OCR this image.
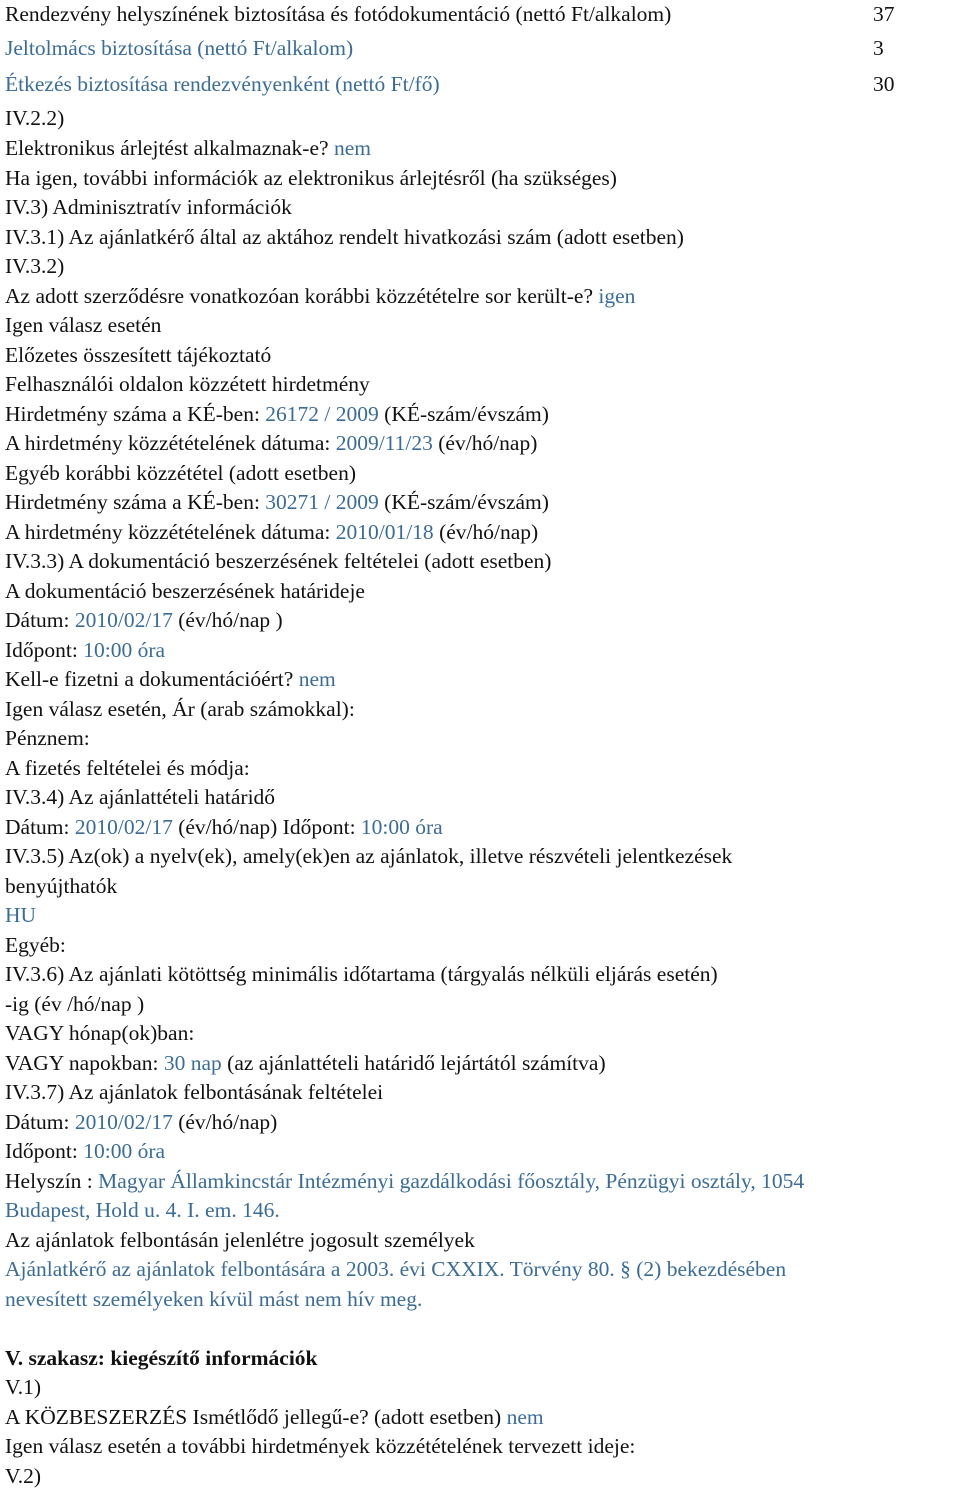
Rendezvény helyszínének biztosítása és fotódokumentáció (nettó Ft/alkalom)	37
Jeltolmács biztosítása (nettó Ft/alkalom)	3
Étkezés biztosítása rendezvényenként (nettó Ft/fő)	30
IV.2.2)
Elektronikus árlejtést alkalmaznak-e? nem
Ha igen, további információk az elektronikus árlejtésről (ha szükséges)
IV.3) Adminisztratív információk
IV.3.1) Az ajánlatkérő által az aktához rendelt hivatkozási szám (adott esetben)
IV.3.2)
Az adott szerződésre vonatkozóan korábbi közzétételre sor került-e? igen
Igen válasz esetén
Előzetes összesített tájékoztató
Felhasználói oldalon közzétett hirdetmény
Hirdetmény száma a KÉ-ben: 26172 / 2009 (KÉ-szám/évszám)
A hirdetmény közzétételének dátuma: 2009/11/23 (év/hó/nap)
Egyéb korábbi közzététel (adott esetben)
Hirdetmény száma a KÉ-ben: 30271 / 2009 (KÉ-szám/évszám)
A hirdetmény közzétételének dátuma: 2010/01/18 (év/hó/nap)
IV.3.3) A dokumentáció beszerzésének feltételei (adott esetben)
A dokumentáció beszerzésének határideje
Dátum: 2010/02/17 (év/hó/nap )
Időpont: 10:00 óra
Kell-e fizetni a dokumentációért? nem
Igen válasz esetén, Ár (arab számokkal):
Pénznem:
A fizetés feltételei és módja:
IV.3.4) Az ajánlattételi határidő
Dátum: 2010/02/17 (év/hó/nap) Időpont: 10:00 óra
IV.3.5) Az(ok) a nyelv(ek), amely(ek)en az ajánlatok, illetve részvételi jelentkezések
benyújthatók
HU
Egyéb:
IV.3.6) Az ajánlati kötöttség minimális időtartama (tárgyalás nélküli eljárás esetén)
-ig (év /hó/nap )
VAGY hónap(ok)ban:
VAGY napokban: 30 nap (az ajánlattételi határidő lejártától számítva)
IV.3.7) Az ajánlatok felbontásának feltételei
Dátum: 2010/02/17 (év/hó/nap)
Időpont: 10:00 óra
Helyszín : Magyar Államkincstár Intézményi gazdálkodási főosztály, Pénzügyi osztály, 1054
Budapest, Hold u. 4. I. em. 146.
Az ajánlatok felbontásán jelenlétre jogosult személyek
Ajánlatkérő az ajánlatok felbontására a 2003. évi CXXIX. Törvény 80. § (2) bekezdésében
nevesített személyeken kívül mást nem hív meg.
V. szakasz: kiegészítő információk
V.1)
A KÖZBESZERZÉS Ismétlődő jellegű-e? (adott esetben) nem
Igen válasz esetén a további hirdetmények közzétételének tervezett ideje:
V.2)
